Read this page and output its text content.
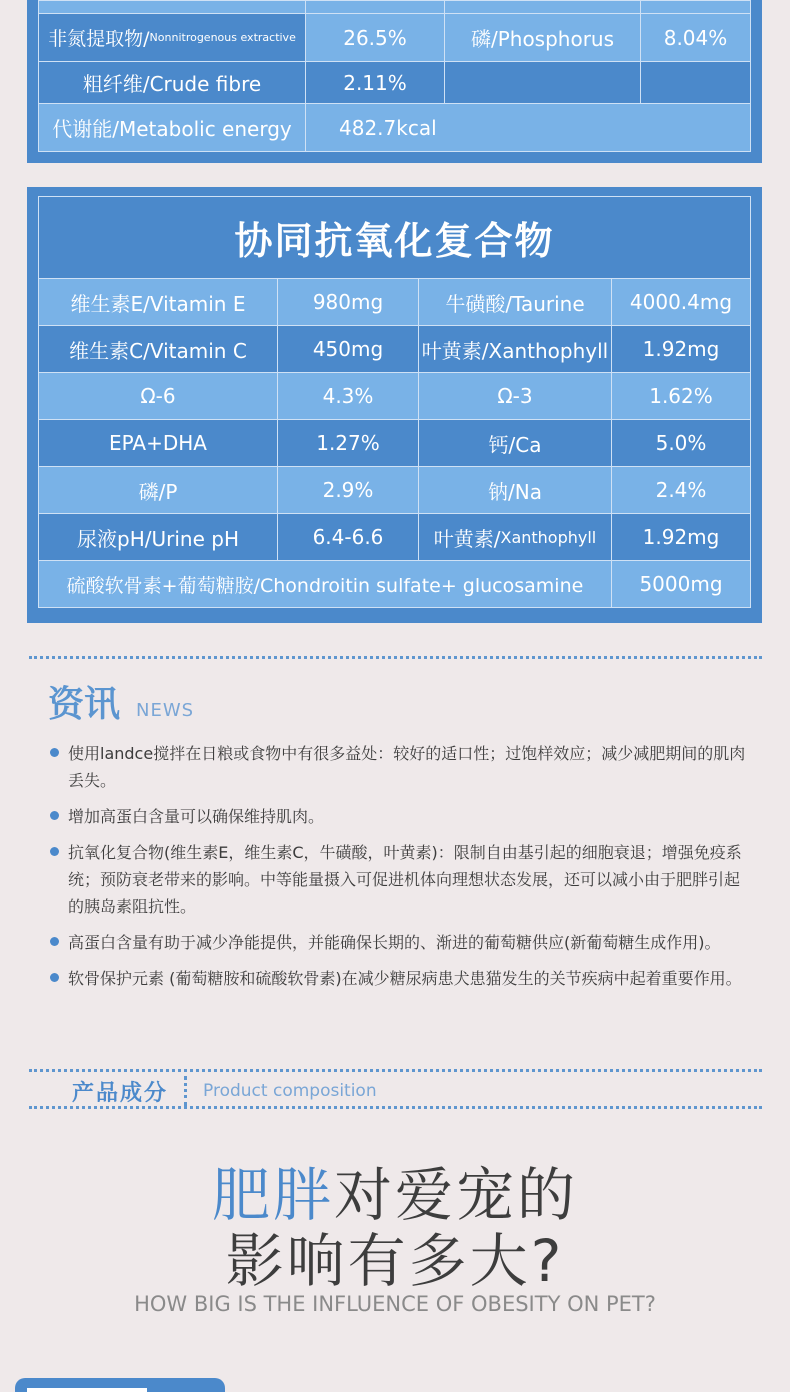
非氮提取物/ Nonnitrogenous extractive	26.5%	磷/Phosphorus	8.04%
粗纤维/Crude fibre	2.11%
代谢能/Metabolic energy	482.7kcal
协同抗氧化复合物
维生素E/Vitamin E	980mg	牛磺酸/Taurine	4000.4mg
维生素C/Vitamin C	450mg	叶黄素/Xanthophyll	1.92mg
Ω-6	4.3%	Ω-3	1.62%
EPA+DHA	1.27%	钙/Ca	5.0%
磷/P	2.9%	钠/Na	2.4%
尿液pH/Urine pH	6.4-6.6	叶黄素/ Xanthophyll	1.92mg
硫酸软骨素+葡萄糖胺/Chondroitin sulfate+ glucosamine	5000mg
资讯 NEWS
使用landce搅拌在日粮或食物中有很多益处：较好的适口性；过饱样效应；减少减肥期间的肌肉丢失。
增加高蛋白含量可以确保维持肌肉。
抗氧化复合物(维生素E，维生素C，牛磺酸，叶黄素)：限制自由基引起的细胞衰退；增强免疫系统；预防衰老带来的影响。中等能量摄入可促进机体向理想状态发展，还可以减小由于肥胖引起的胰岛素阻抗性。
高蛋白含量有助于减少净能提供，并能确保长期的、渐进的葡萄糖供应(新葡萄糖生成作用)。
软骨保护元素 (葡萄糖胺和硫酸软骨素)在减少糖尿病患犬患猫发生的关节疾病中起着重要作用。
产品成分 Product composition
肥胖对爱宠的
影响有多大?
HOW BIG IS THE INFLUENCE OF OBESITY ON PET?
